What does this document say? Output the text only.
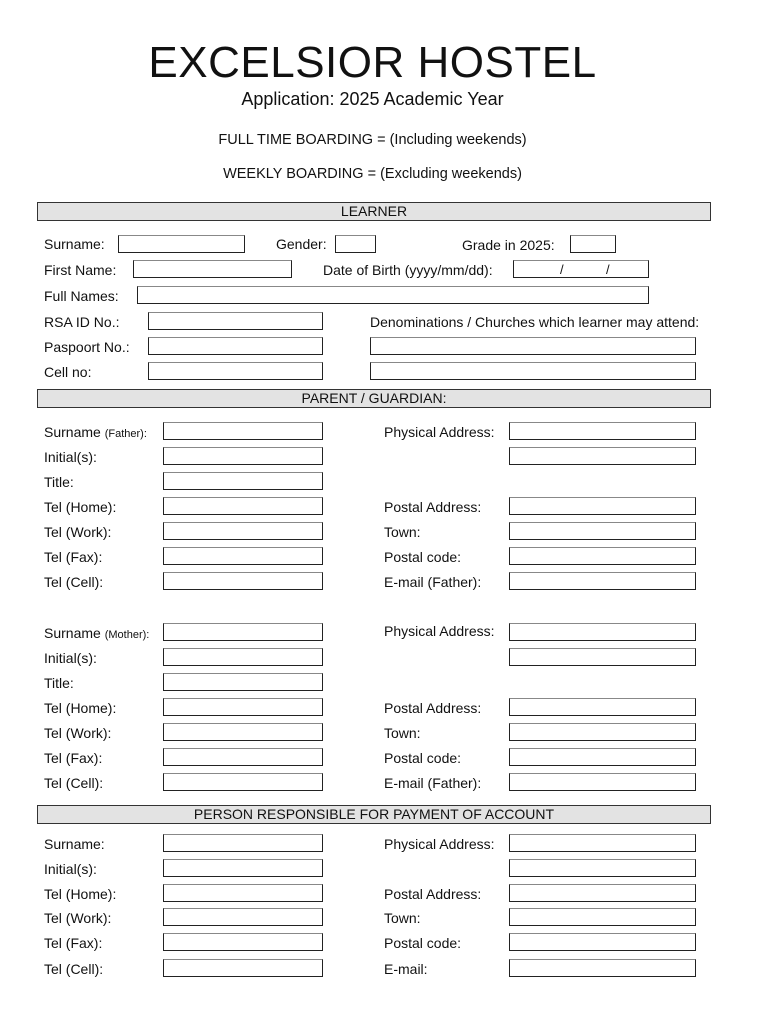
EXCELSIOR HOSTEL
Application: 2025 Academic Year
FULL TIME BOARDING = (Including weekends)
WEEKLY BOARDING = (Excluding weekends)
LEARNER
Surname:	Gender:	Grade in 2025:
First Name:	Date of Birth (yyyy/mm/dd):	/	/
Full Names:
RSA ID No.:	Denominations / Churches which learner may attend:
Paspoort No.:
Cell no:
PARENT / GUARDIAN:
Surname (Father):	Physical Address:
Initial(s):
Title:
Tel (Home):	Postal Address:
Tel (Work):	Town:
Tel (Fax):	Postal code:
Tel (Cell):	E-mail (Father):
Surname (Mother):	Physical Address:
Initial(s):
Title:
Tel (Home):	Postal Address:
Tel (Work):	Town:
Tel (Fax):	Postal code:
Tel (Cell):	E-mail (Father):
PERSON RESPONSIBLE FOR PAYMENT OF ACCOUNT
Surname:	Physical Address:
Initial(s):
Tel (Home):	Postal Address:
Tel (Work):	Town:
Tel (Fax):	Postal code:
Tel (Cell):	E-mail:
